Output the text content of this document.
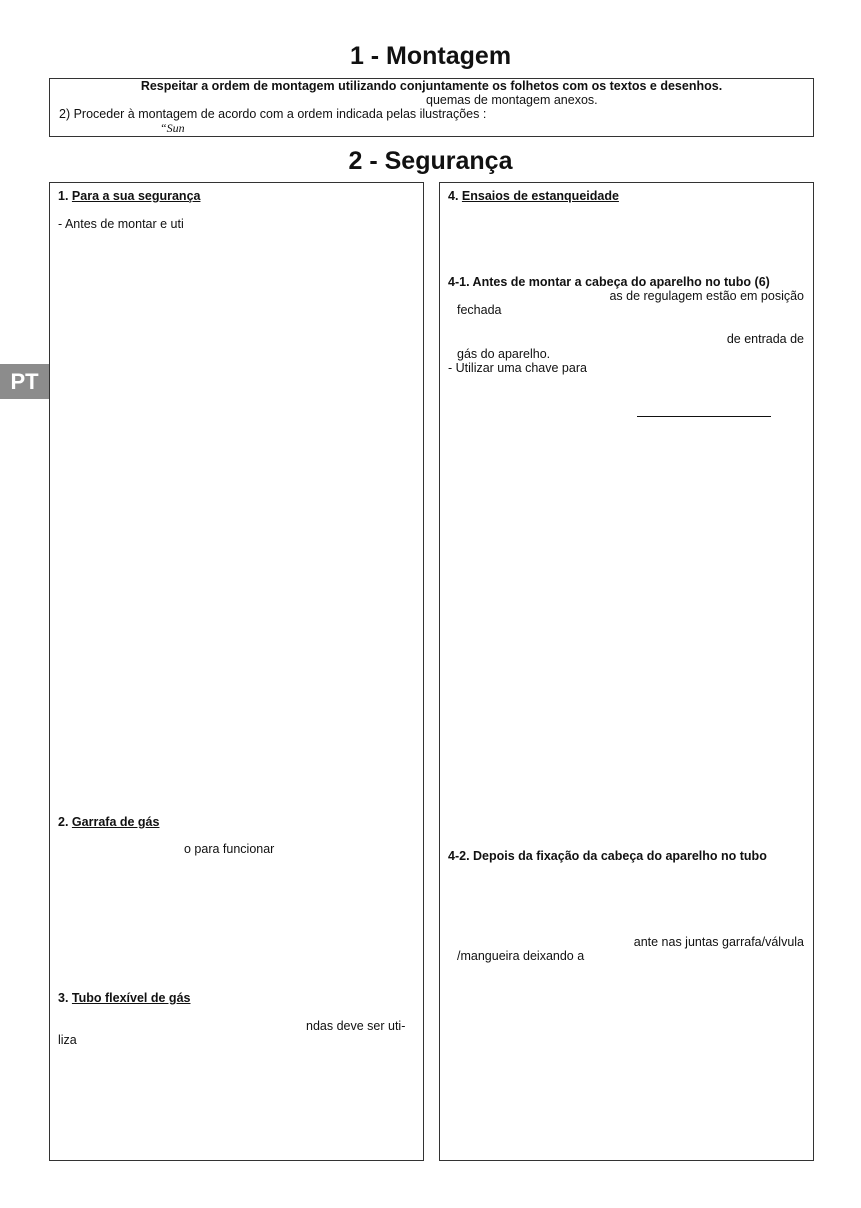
1 - Montagem
Respeitar a ordem de montagem utilizando conjuntamente os folhetos com os textos e desenhos.
quemas de montagem anexos.
2) Proceder à montagem de acordo com a ordem indicada pelas ilustrações :
“Sun
2 - Segurança
PT
1. Para a sua segurança
- Antes de montar e uti
2. Garrafa de gás
o para funcionar
3. Tubo flexível de gás
ndas deve ser uti-
liza
4. Ensaios de estanqueidade
4-1. Antes de montar a cabeça do aparelho no tubo (6)
as de regulagem estão em posição
fechada
de entrada de
gás do aparelho.
- Utilizar uma chave para
4-2. Depois da fixação da cabeça do aparelho no tubo
ante nas juntas garrafa/válvula
/mangueira deixando a
